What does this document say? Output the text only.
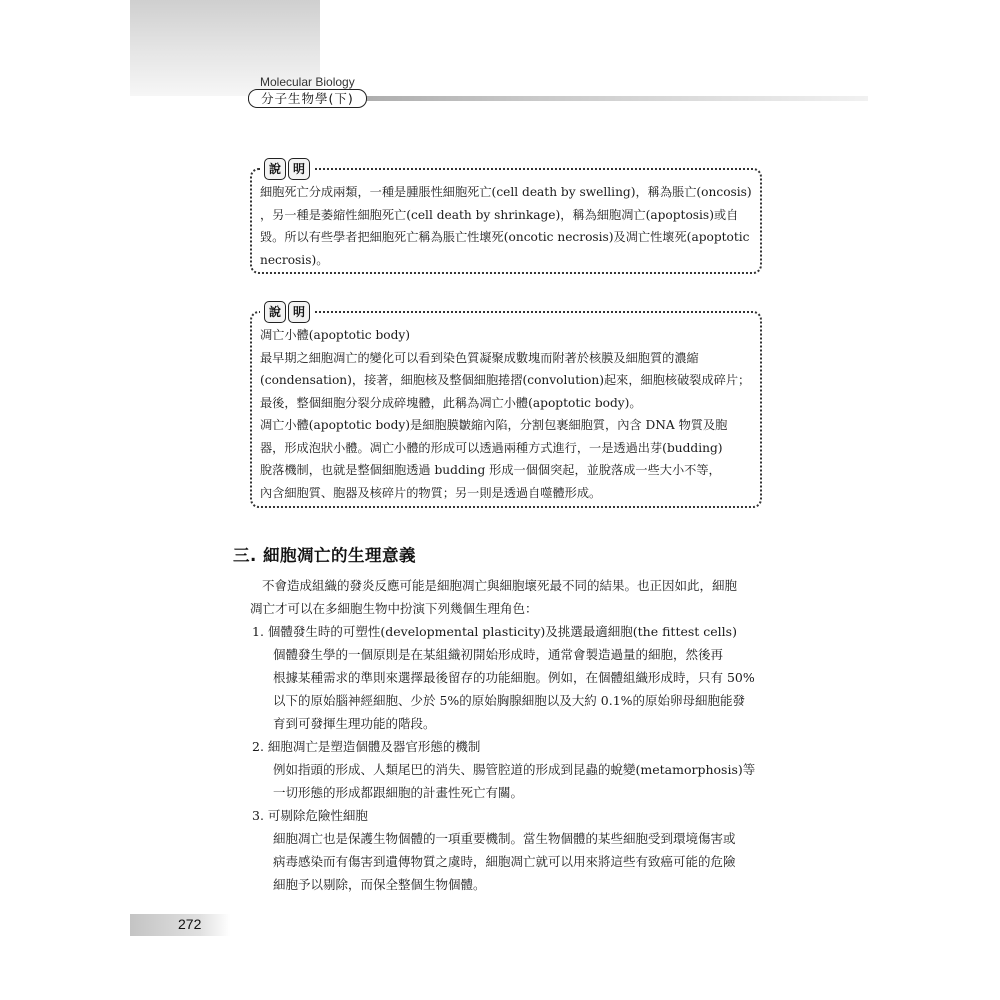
Molecular Biology
分子生物學(下)
說 明
細胞死亡分成兩類，一種是腫脹性細胞死亡(cell death by swelling)，稱為脹亡(oncosis)
，另一種是萎縮性細胞死亡(cell death by shrinkage)，稱為細胞凋亡(apoptosis)或自
毀。所以有些學者把細胞死亡稱為脹亡性壞死(oncotic necrosis)及凋亡性壞死(apoptotic
necrosis)。
說 明
凋亡小體(apoptotic body)
最早期之細胞凋亡的變化可以看到染色質凝聚成數塊而附著於核膜及細胞質的濃縮
(condensation)，接著，細胞核及整個細胞捲摺(convolution)起來，細胞核破裂成碎片；
最後，整個細胞分裂分成碎塊體，此稱為凋亡小體(apoptotic body)。
凋亡小體(apoptotic body)是細胞膜皺縮內陷，分割包裹細胞質，內含 DNA 物質及胞
器，形成泡狀小體。凋亡小體的形成可以透過兩種方式進行，一是透過出芽(budding)
脫落機制，也就是整個細胞透過 budding 形成一個個突起，並脫落成一些大小不等，
內含細胞質、胞器及核碎片的物質；另一則是透過自噬體形成。
三. 細胞凋亡的生理意義
不會造成組織的發炎反應可能是細胞凋亡與細胞壞死最不同的結果。也正因如此，細胞
凋亡才可以在多細胞生物中扮演下列幾個生理角色：
1. 個體發生時的可塑性(developmental plasticity)及挑選最適細胞(the fittest cells)
個體發生學的一個原則是在某組織初開始形成時，通常會製造過量的細胞，然後再
根據某種需求的準則來選擇最後留存的功能細胞。例如，在個體組織形成時，只有 50%
以下的原始腦神經細胞、少於 5%的原始胸腺細胞以及大約 0.1%的原始卵母細胞能發
育到可發揮生理功能的階段。
2. 細胞凋亡是塑造個體及器官形態的機制
例如指頭的形成、人類尾巴的消失、腸管腔道的形成到昆蟲的蛻變(metamorphosis)等
一切形態的形成都跟細胞的計畫性死亡有關。
3. 可剔除危險性細胞
細胞凋亡也是保護生物個體的一項重要機制。當生物個體的某些細胞受到環境傷害或
病毒感染而有傷害到遺傳物質之虞時，細胞凋亡就可以用來將這些有致癌可能的危險
細胞予以剔除，而保全整個生物個體。
272
